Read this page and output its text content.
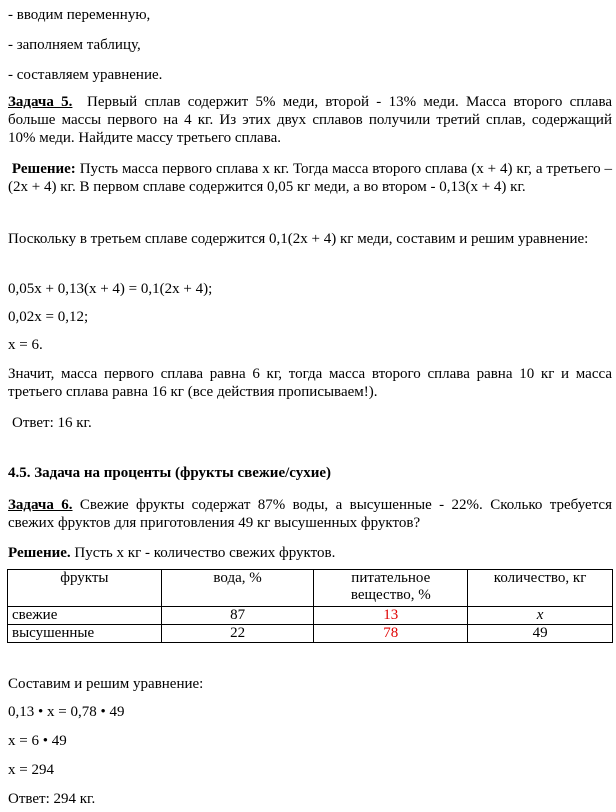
- вводим переменную,
- заполняем таблицу,
- составляем уравнение.
Задача 5. Первый сплав содержит 5% меди, второй - 13% меди. Масса второго сплава больше массы первого на 4 кг. Из этих двух сплавов получили третий сплав, содержащий 10% меди. Найдите массу третьего сплава.
Решение: Пусть масса первого сплава x кг. Тогда масса второго сплава (x + 4) кг, а третьего – (2x + 4) кг. В первом сплаве содержится 0,05 кг меди, а во втором - 0,13(x + 4) кг.
Поскольку в третьем сплаве содержится 0,1(2x + 4) кг меди, составим и решим уравнение:
0,05x + 0,13(x + 4) = 0,1(2x + 4);
0,02x = 0,12;
x = 6.
Значит, масса первого сплава равна 6 кг, тогда масса второго сплава равна 10 кг и масса третьего сплава равна 16 кг (все действия прописываем!).
Ответ: 16 кг.
4.5. Задача на проценты (фрукты свежие/сухие)
Задача 6. Свежие фрукты содержат 87% воды, а высушенные - 22%. Сколько требуется свежих фруктов для приготовления 49 кг высушенных фруктов?
Решение. Пусть x кг - количество свежих фруктов.
фрукты	вода, %	питательное вещество, %	количество, кг
свежие	87	13	x
высушенные	22	78	49
Составим и решим уравнение:
0,13 • x = 0,78 • 49
x = 6 • 49
x = 294
Ответ: 294 кг.
